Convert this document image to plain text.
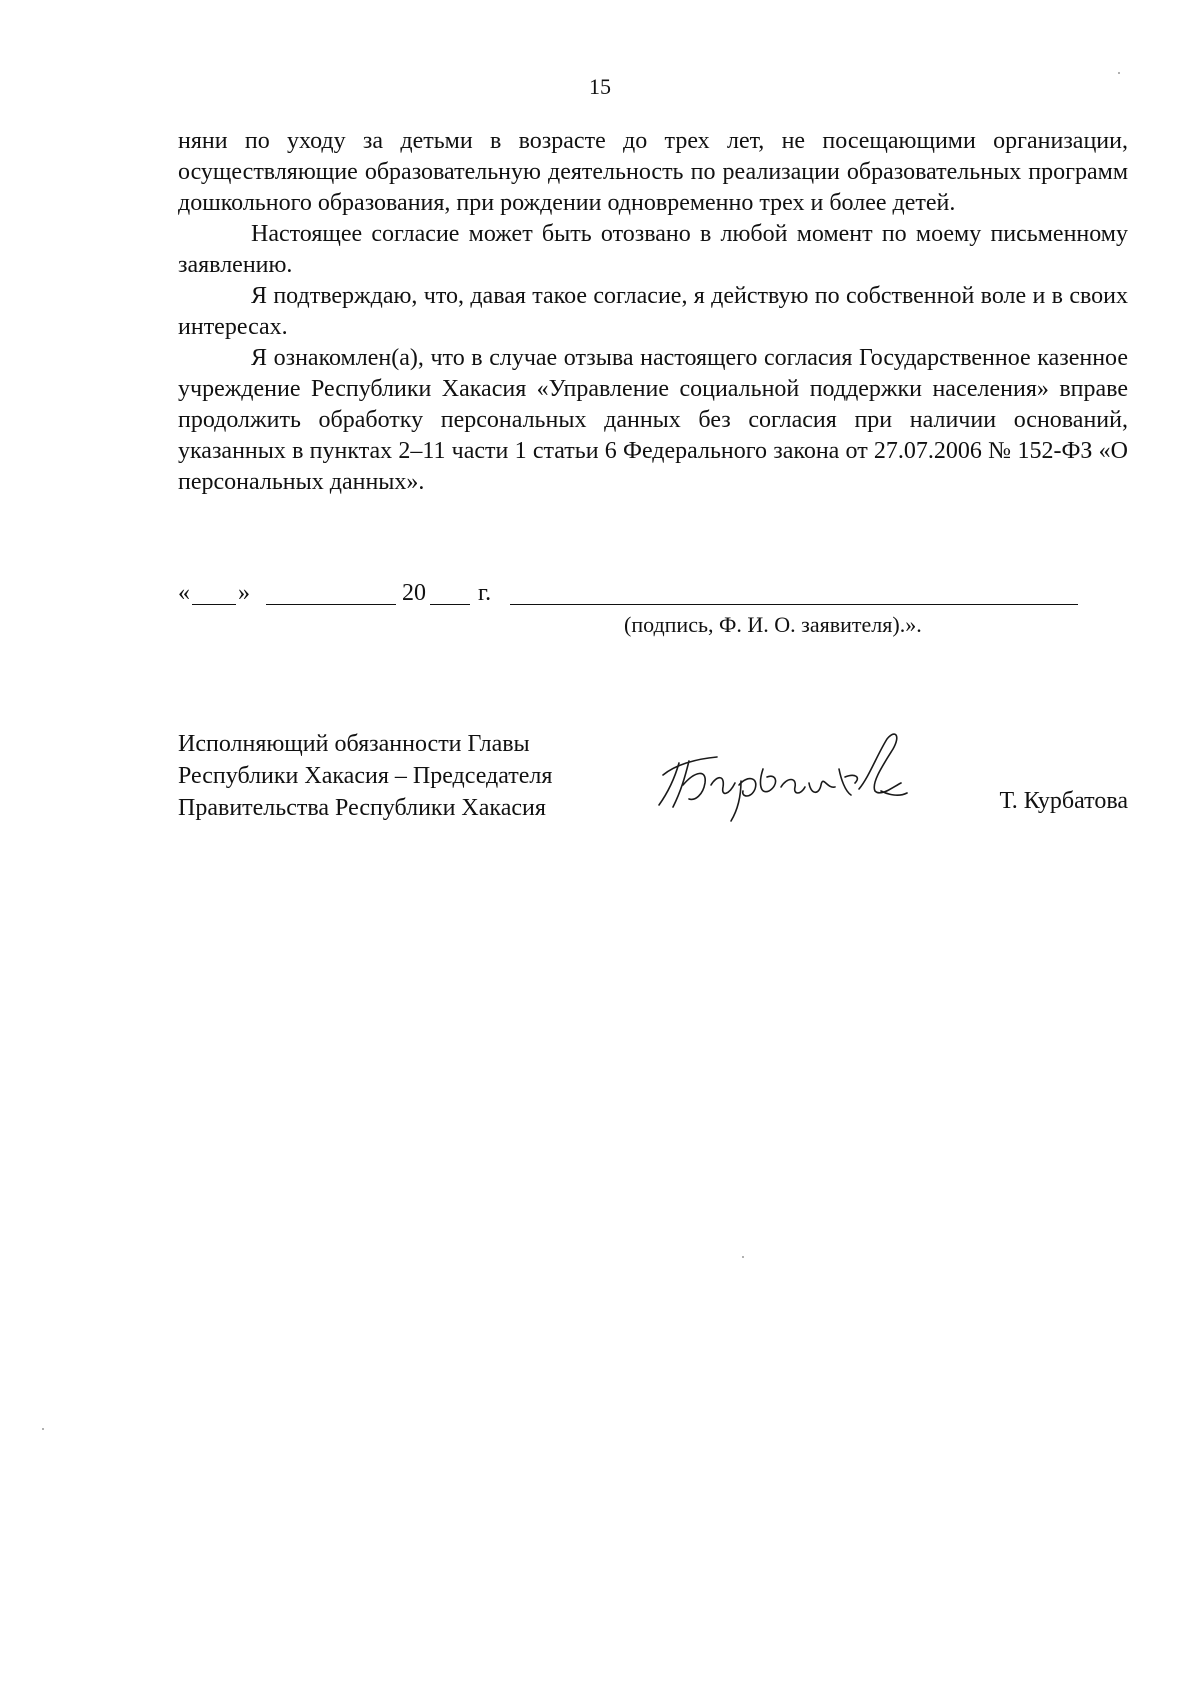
15

няни по уходу за детьми в возрасте до трех лет, не посещающими организации, осуществляющие образовательную деятельность по реализации образовательных программ дошкольного образования, при рождении одновременно трех и более детей.

Настоящее согласие может быть отозвано в любой момент по моему письменному заявлению.

Я подтверждаю, что, давая такое согласие, я действую по собственной воле и в своих интересах.

Я ознакомлен(а), что в случае отзыва настоящего согласия Государственное казенное учреждение Республики Хакасия «Управление социальной поддержки населения» вправе продолжить обработку персональных данных без согласия при наличии оснований, указанных в пунктах 2–11 части 1 статьи 6 Федерального закона от 27.07.2006 № 152-ФЗ «О персональных данных».

« »	20 г.
(подпись, Ф. И. О. заявителя).».
Исполняющий обязанности Главы
Республики Хакасия – Председателя
Правительства Республики Хакасия	Т. Курбатова
